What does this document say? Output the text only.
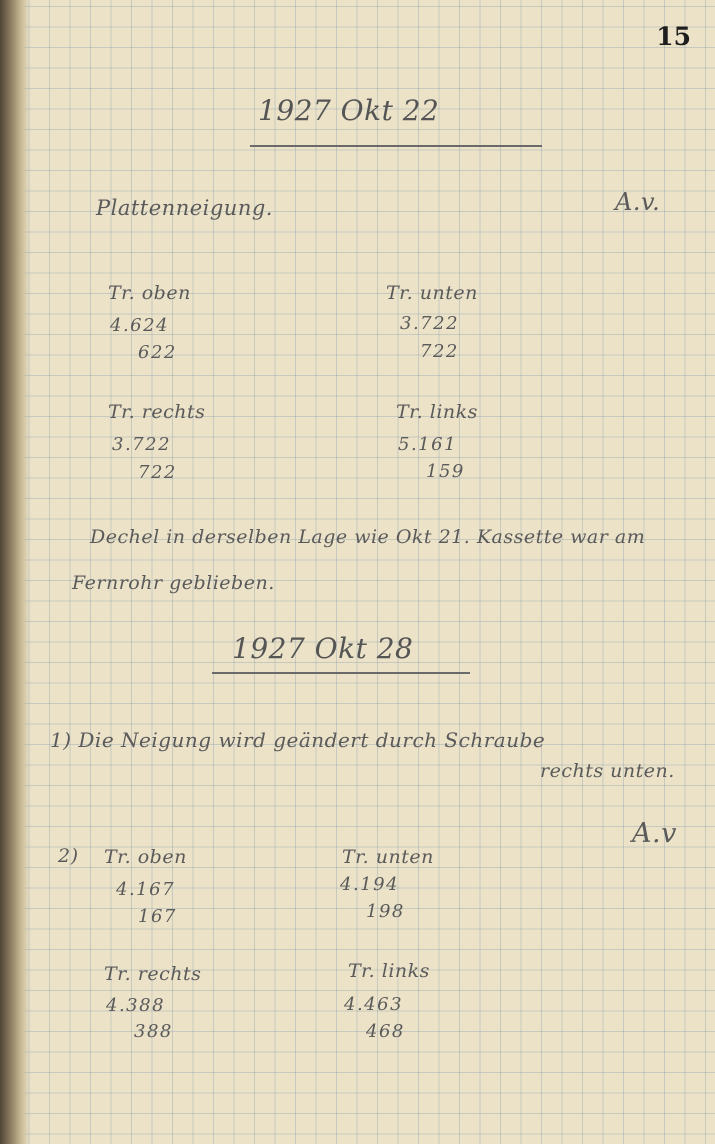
15
1927 Okt 22
Plattenneigung.	A.v.
Tr. oben
4.624
622
Tr. unten
3.722
722
Tr. rechts
3.722
722
Tr. links
5.161
159
Dechel in derselben Lage wie Okt 21. Kassette war am
Fernrohr geblieben.
1927 Okt 28
1) Die Neigung wird geändert durch Schraube
rechts unten.
A.v
2) Tr. oben
4.167
167
Tr. unten
4.194
198
Tr. rechts
4.388
388
Tr. links
4.463
468
